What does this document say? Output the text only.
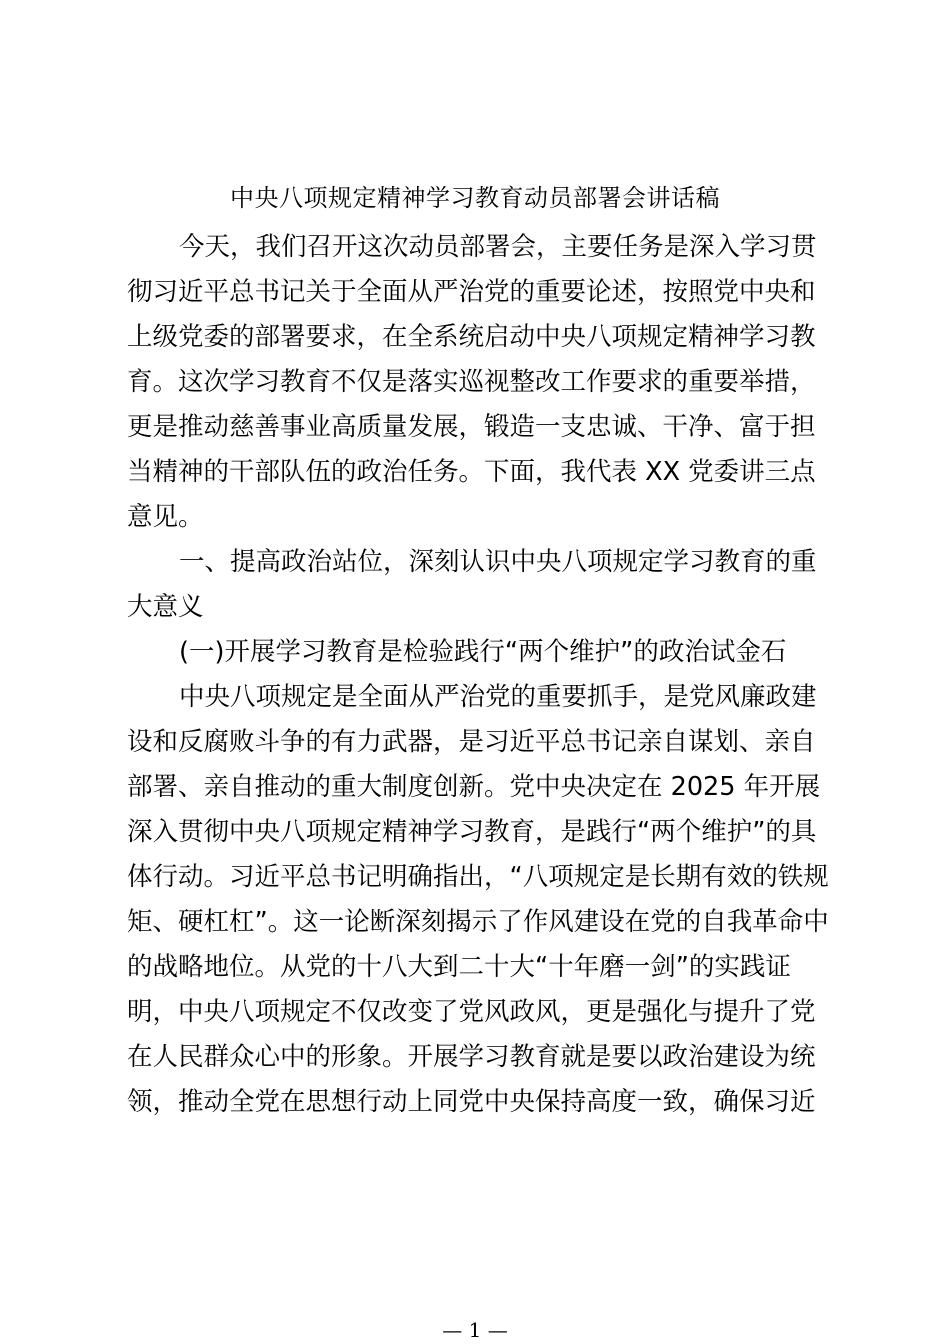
中央八项规定精神学习教育动员部署会讲话稿
今天，我们召开这次动员部署会，主要任务是深入学习贯
彻习近平总书记关于全面从严治党的重要论述，按照党中央和
上级党委的部署要求，在全系统启动中央八项规定精神学习教
育。这次学习教育不仅是落实巡视整改工作要求的重要举措，
更是推动慈善事业高质量发展，锻造一支忠诚、干净、富于担
当精神的干部队伍的政治任务。下面，我代表 XX 党委讲三点
意见。
一、提高政治站位，深刻认识中央八项规定学习教育的重
大意义
(一)开展学习教育是检验践行“两个维护”的政治试金石
中央八项规定是全面从严治党的重要抓手，是党风廉政建
设和反腐败斗争的有力武器，是习近平总书记亲自谋划、亲自
部署、亲自推动的重大制度创新。党中央决定在 2025 年开展
深入贯彻中央八项规定精神学习教育，是践行“两个维护”的具
体行动。习近平总书记明确指出，“八项规定是长期有效的铁规
矩、硬杠杠”。这一论断深刻揭示了作风建设在党的自我革命中
的战略地位。从党的十八大到二十大“十年磨一剑”的实践证
明，中央八项规定不仅改变了党风政风，更是强化与提升了党
在人民群众心中的形象。开展学习教育就是要以政治建设为统
领，推动全党在思想行动上同党中央保持高度一致，确保习近
— 1 —
